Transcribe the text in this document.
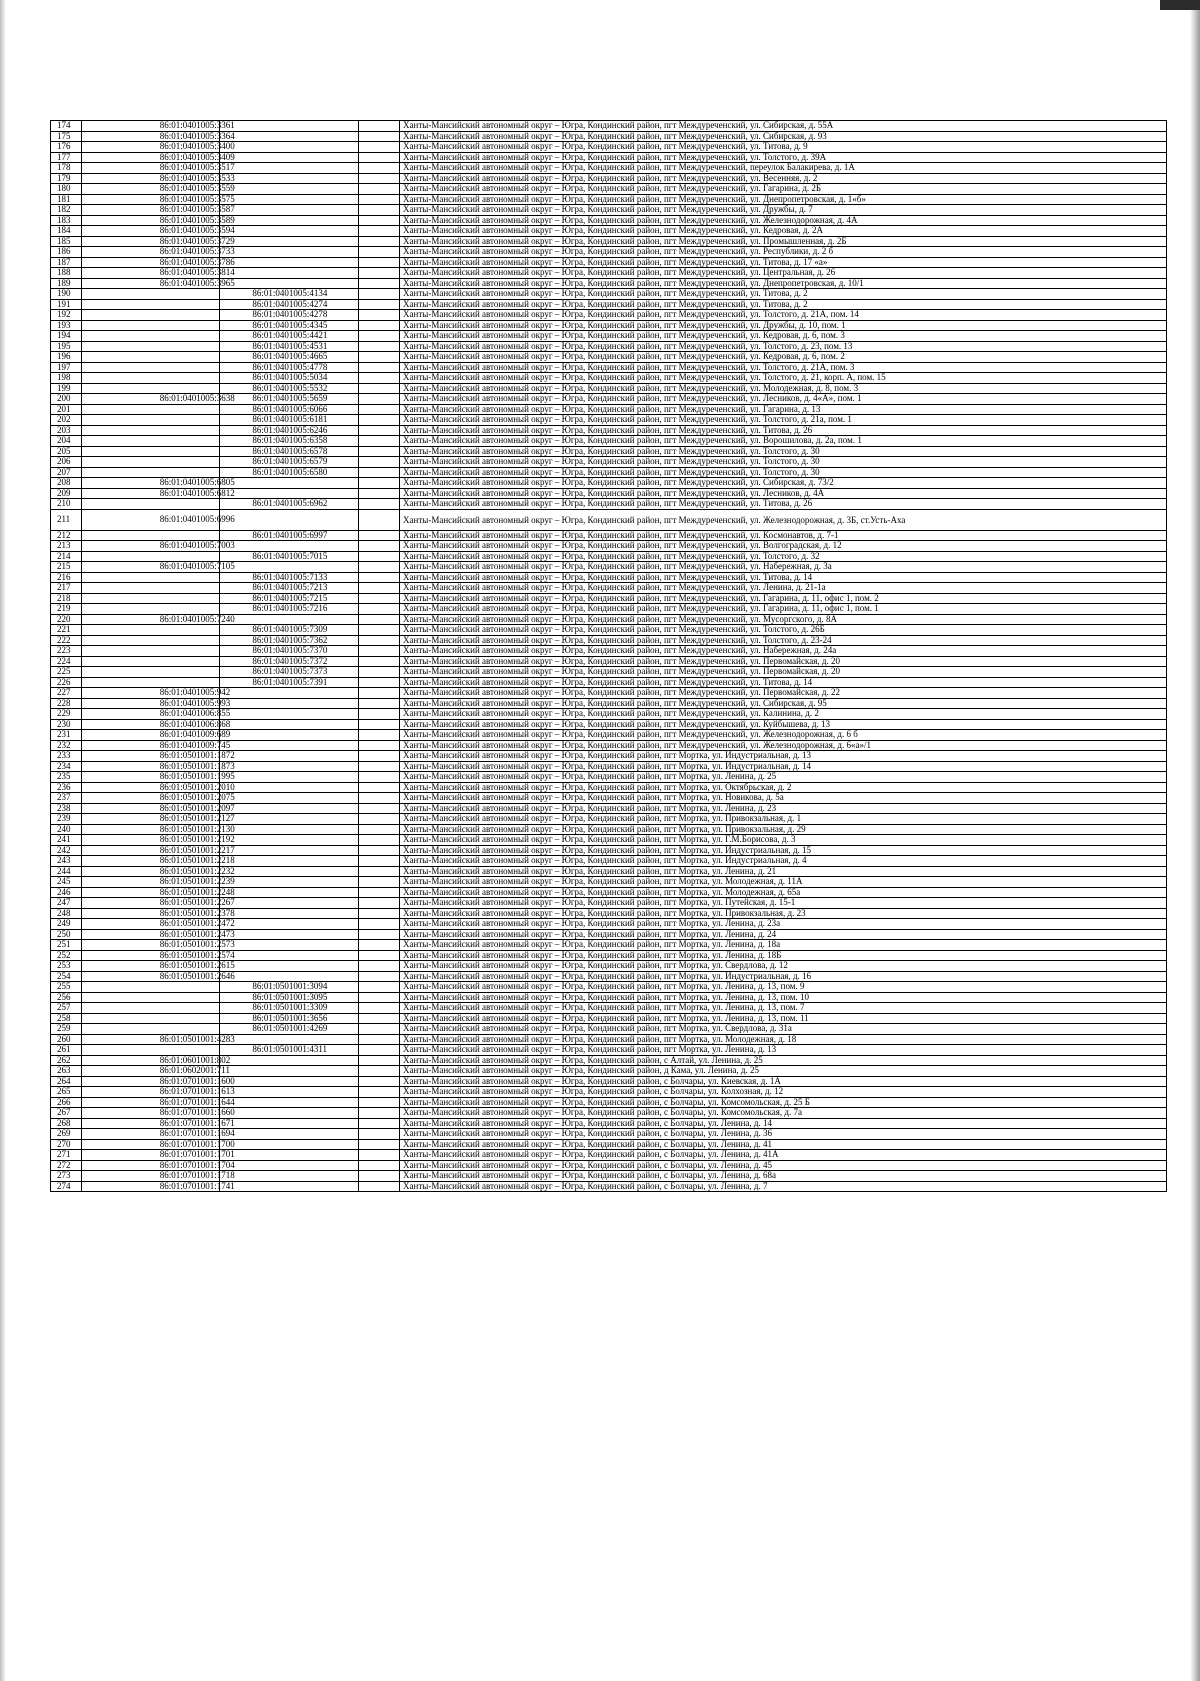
174	86:01:0401005:3361			Ханты-Мансийский автономный округ – Югра, Кондинский район, пгт Междуреченский, ул. Сибирская, д. 55А
175	86:01:0401005:3364			Ханты-Мансийский автономный округ – Югра, Кондинский район, пгт Междуреченский, ул. Сибирская, д. 93
176	86:01:0401005:3400			Ханты-Мансийский автономный округ – Югра, Кондинский район, пгт Междуреченский, ул. Титова, д. 9
177	86:01:0401005:3409			Ханты-Мансийский автономный округ – Югра, Кондинский район, пгт Междуреченский, ул. Толстого, д. 39А
178	86:01:0401005:3517			Ханты-Мансийский автономный округ – Югра, Кондинский район, пгт Междуреченский, переулок Балакирева, д. 1А
179	86:01:0401005:3533			Ханты-Мансийский автономный округ – Югра, Кондинский район, пгт Междуреченский, ул. Весенняя, д. 2
180	86:01:0401005:3559			Ханты-Мансийский автономный округ – Югра, Кондинский район, пгт Междуреченский, ул. Гагарина, д. 2Б
181	86:01:0401005:3575			Ханты-Мансийский автономный округ – Югра, Кондинский район, пгт Междуреченский, ул. Днепропетровская, д. 1«б»
182	86:01:0401005:3587			Ханты-Мансийский автономный округ – Югра, Кондинский район, пгт Междуреченский, ул. Дружбы, д. 7
183	86:01:0401005:3589			Ханты-Мансийский автономный округ – Югра, Кондинский район, пгт Междуреченский, ул. Железнодорожная, д. 4А
184	86:01:0401005:3594			Ханты-Мансийский автономный округ – Югра, Кондинский район, пгт Междуреченский, ул. Кедровая, д. 2А
185	86:01:0401005:3729			Ханты-Мансийский автономный округ – Югра, Кондинский район, пгт Междуреченский, ул. Промышленная, д. 2Б
186	86:01:0401005:3733			Ханты-Мансийский автономный округ – Югра, Кондинский район, пгт Междуреченский, ул. Республики, д. 2 б
187	86:01:0401005:3786			Ханты-Мансийский автономный округ – Югра, Кондинский район, пгт Междуреченский, ул. Титова, д. 17 «а»
188	86:01:0401005:3814			Ханты-Мансийский автономный округ – Югра, Кондинский район, пгт Междуреченский, ул. Центральная, д. 26
189	86:01:0401005:3965			Ханты-Мансийский автономный округ – Югра, Кондинский район, пгт Междуреченский, ул. Днепропетровская, д. 10/1
190		86:01:0401005:4134		Ханты-Мансийский автономный округ – Югра, Кондинский район, пгт Междуреченский, ул. Титова, д. 2
191		86:01:0401005:4274		Ханты-Мансийский автономный округ – Югра, Кондинский район, пгт Междуреченский, ул. Титова, д. 2
192		86:01:0401005:4278		Ханты-Мансийский автономный округ – Югра, Кондинский район, пгт Междуреченский, ул. Толстого, д. 21А, пом. 14
193		86:01:0401005:4345		Ханты-Мансийский автономный округ – Югра, Кондинский район, пгт Междуреченский, ул. Дружбы, д. 10, пом. 1
194		86:01:0401005:4421		Ханты-Мансийский автономный округ – Югра, Кондинский район, пгт Междуреченский, ул. Кедровая, д. 6, пом. 3
195		86:01:0401005:4531		Ханты-Мансийский автономный округ – Югра, Кондинский район, пгт Междуреченский, ул. Толстого, д. 23, пом. 13
196		86:01:0401005:4665		Ханты-Мансийский автономный округ – Югра, Кондинский район, пгт Междуреченский, ул. Кедровая, д. 6, пом. 2
197		86:01:0401005:4778		Ханты-Мансийский автономный округ – Югра, Кондинский район, пгт Междуреченский, ул. Толстого, д. 21А, пом. 3
198		86:01:0401005:5034		Ханты-Мансийский автономный округ – Югра, Кондинский район, пгт Междуреченский, ул. Толстого, д. 21, корп. А, пом. 15
199		86:01:0401005:5532		Ханты-Мансийский автономный округ – Югра, Кондинский район, пгт Междуреченский, ул. Молодежная, д. 8, пом. 3
200	86:01:0401005:3638	86:01:0401005:5659		Ханты-Мансийский автономный округ – Югра, Кондинский район, пгт Междуреченский, ул. Лесников, д. 4«А», пом. 1
201		86:01:0401005:6066		Ханты-Мансийский автономный округ – Югра, Кондинский район, пгт Междуреченский, ул. Гагарина, д. 13
202		86:01:0401005:6181		Ханты-Мансийский автономный округ – Югра, Кондинский район, пгт Междуреченский, ул. Толстого, д. 21а, пом. 1
203		86:01:0401005:6246		Ханты-Мансийский автономный округ – Югра, Кондинский район, пгт Междуреченский, ул. Титова, д. 26
204		86:01:0401005:6358		Ханты-Мансийский автономный округ – Югра, Кондинский район, пгт Междуреченский, ул. Ворошилова, д. 2а, пом. 1
205		86:01:0401005:6578		Ханты-Мансийский автономный округ – Югра, Кондинский район, пгт Междуреченский, ул. Толстого, д. 30
206		86:01:0401005:6579		Ханты-Мансийский автономный округ – Югра, Кондинский район, пгт Междуреченский, ул. Толстого, д. 30
207		86:01:0401005:6580		Ханты-Мансийский автономный округ – Югра, Кондинский район, пгт Междуреченский, ул. Толстого, д. 30
208	86:01:0401005:6805			Ханты-Мансийский автономный округ – Югра, Кондинский район, пгт Междуреченский, ул. Сибирская, д. 73/2
209	86:01:0401005:6812			Ханты-Мансийский автономный округ – Югра, Кондинский район, пгт Междуреченский, ул. Лесников, д. 4А
210		86:01:0401005:6962		Ханты-Мансийский автономный округ – Югра, Кондинский район, пгт Междуреченский, ул. Титова, д. 26
211	86:01:0401005:6996			Ханты-Мансийский автономный округ – Югра, Кондинский район, пгт Междуреченский, ул. Железнодорожная, д. 3Б, ст.Усть-Аха
212		86:01:0401005:6997		Ханты-Мансийский автономный округ – Югра, Кондинский район, пгт Междуреченский, ул. Космонавтов, д. 7-1
213	86:01:0401005:7003			Ханты-Мансийский автономный округ – Югра, Кондинский район, пгт Междуреченский, ул. Волгоградская, д. 12
214		86:01:0401005:7015		Ханты-Мансийский автономный округ – Югра, Кондинский район, пгт Междуреченский, ул. Толстого, д. 32
215	86:01:0401005:7105			Ханты-Мансийский автономный округ – Югра, Кондинский район, пгт Междуреченский, ул. Набережная, д. 3а
216		86:01:0401005:7133		Ханты-Мансийский автономный округ – Югра, Кондинский район, пгт Междуреченский, ул. Титова, д. 14
217		86:01:0401005:7213		Ханты-Мансийский автономный округ – Югра, Кондинский район, пгт Междуреченский, ул. Ленина, д. 21-1а
218		86:01:0401005:7215		Ханты-Мансийский автономный округ – Югра, Кондинский район, пгт Междуреченский, ул. Гагарина, д. 11, офис 1, пом. 2
219		86:01:0401005:7216		Ханты-Мансийский автономный округ – Югра, Кондинский район, пгт Междуреченский, ул. Гагарина, д. 11, офис 1, пом. 1
220	86:01:0401005:7240			Ханты-Мансийский автономный округ – Югра, Кондинский район, пгт Междуреченский, ул. Мусоргского, д. 8А
221		86:01:0401005:7309		Ханты-Мансийский автономный округ – Югра, Кондинский район, пгт Междуреченский, ул. Толстого, д. 26Б
222		86:01:0401005:7362		Ханты-Мансийский автономный округ – Югра, Кондинский район, пгт Междуреченский, ул. Толстого, д. 23-24
223		86:01:0401005:7370		Ханты-Мансийский автономный округ – Югра, Кондинский район, пгт Междуреченский, ул. Набережная, д. 24а
224		86:01:0401005:7372		Ханты-Мансийский автономный округ – Югра, Кондинский район, пгт Междуреченский, ул. Первомайская, д. 20
225		86:01:0401005:7373		Ханты-Мансийский автономный округ – Югра, Кондинский район, пгт Междуреченский, ул. Первомайская, д. 20
226		86:01:0401005:7391		Ханты-Мансийский автономный округ – Югра, Кондинский район, пгт Междуреченский, ул. Титова, д. 14
227	86:01:0401005:942			Ханты-Мансийский автономный округ – Югра, Кондинский район, пгт Междуреченский, ул. Первомайская, д. 22
228	86:01:0401005:993			Ханты-Мансийский автономный округ – Югра, Кондинский район, пгт Междуреченский, ул. Сибирская, д. 95
229	86:01:0401006:855			Ханты-Мансийский автономный округ – Югра, Кондинский район, пгт Междуреченский, ул. Калинина, д. 2
230	86:01:0401006:868			Ханты-Мансийский автономный округ – Югра, Кондинский район, пгт Междуреченский, ул. Куйбышева, д. 13
231	86:01:0401009:689			Ханты-Мансийский автономный округ – Югра, Кондинский район, пгт Междуреченский, ул. Железнодорожная, д. 6 б
232	86:01:0401009:745			Ханты-Мансийский автономный округ – Югра, Кондинский район, пгт Междуреченский, ул. Железнодорожная, д. 6«а»/1
233	86:01:0501001:1872			Ханты-Мансийский автономный округ – Югра, Кондинский район, пгт Мортка, ул. Индустриальная, д. 13
234	86:01:0501001:1873			Ханты-Мансийский автономный округ – Югра, Кондинский район, пгт Мортка, ул. Индустриальная, д. 14
235	86:01:0501001:1995			Ханты-Мансийский автономный округ – Югра, Кондинский район, пгт Мортка, ул. Ленина, д. 25
236	86:01:0501001:2010			Ханты-Мансийский автономный округ – Югра, Кондинский район, пгт Мортка, ул. Октябрьская, д. 2
237	86:01:0501001:2075			Ханты-Мансийский автономный округ – Югра, Кондинский район, пгт Мортка, ул. Новикова, д. 5а
238	86:01:0501001:2097			Ханты-Мансийский автономный округ – Югра, Кондинский район, пгт Мортка, ул. Ленина, д. 23
239	86:01:0501001:2127			Ханты-Мансийский автономный округ – Югра, Кондинский район, пгт Мортка, ул. Привокзальная, д. 1
240	86:01:0501001:2130			Ханты-Мансийский автономный округ – Югра, Кондинский район, пгт Мортка, ул. Привокзальная, д. 29
241	86:01:0501001:2192			Ханты-Мансийский автономный округ – Югра, Кондинский район, пгт Мортка, ул. Г.М.Борисова, д. 3
242	86:01:0501001:2217			Ханты-Мансийский автономный округ – Югра, Кондинский район, пгт Мортка, ул. Индустриальная, д. 15
243	86:01:0501001:2218			Ханты-Мансийский автономный округ – Югра, Кондинский район, пгт Мортка, ул. Индустриальная, д. 4
244	86:01:0501001:2232			Ханты-Мансийский автономный округ – Югра, Кондинский район, пгт Мортка, ул. Ленина, д. 21
245	86:01:0501001:2239			Ханты-Мансийский автономный округ – Югра, Кондинский район, пгт Мортка, ул. Молодежная, д. 11А
246	86:01:0501001:2248			Ханты-Мансийский автономный округ – Югра, Кондинский район, пгт Мортка, ул. Молодежная, д. 65а
247	86:01:0501001:2267			Ханты-Мансийский автономный округ – Югра, Кондинский район, пгт Мортка, ул. Путейская, д. 15-1
248	86:01:0501001:2378			Ханты-Мансийский автономный округ – Югра, Кондинский район, пгт Мортка, ул. Привокзальная, д. 23
249	86:01:0501001:2472			Ханты-Мансийский автономный округ – Югра, Кондинский район, пгт Мортка, ул. Ленина, д. 23а
250	86:01:0501001:2473			Ханты-Мансийский автономный округ – Югра, Кондинский район, пгт Мортка, ул. Ленина, д. 24
251	86:01:0501001:2573			Ханты-Мансийский автономный округ – Югра, Кондинский район, пгт Мортка, ул. Ленина, д. 18а
252	86:01:0501001:2574			Ханты-Мансийский автономный округ – Югра, Кондинский район, пгт Мортка, ул. Ленина, д. 18Б
253	86:01:0501001:2615			Ханты-Мансийский автономный округ – Югра, Кондинский район, пгт Мортка, ул. Свердлова, д. 12
254	86:01:0501001:2646			Ханты-Мансийский автономный округ – Югра, Кондинский район, пгт Мортка, ул. Индустриальная, д. 16
255		86:01:0501001:3094		Ханты-Мансийский автономный округ – Югра, Кондинский район, пгт Мортка, ул. Ленина, д. 13, пом. 9
256		86:01:0501001:3095		Ханты-Мансийский автономный округ – Югра, Кондинский район, пгт Мортка, ул. Ленина, д. 13, пом. 10
257		86:01:0501001:3309		Ханты-Мансийский автономный округ – Югра, Кондинский район, пгт Мортка, ул. Ленина, д. 13, пом. 7
258		86:01:0501001:3656		Ханты-Мансийский автономный округ – Югра, Кондинский район, пгт Мортка, ул. Ленина, д. 13, пом. 11
259		86:01:0501001:4269		Ханты-Мансийский автономный округ – Югра, Кондинский район, пгт Мортка, ул. Свердлова, д. 31а
260	86:01:0501001:4283			Ханты-Мансийский автономный округ – Югра, Кондинский район, пгт Мортка, ул. Молодежная, д. 18
261		86:01:0501001:4311		Ханты-Мансийский автономный округ – Югра, Кондинский район, пгт Мортка, ул. Ленина, д. 13
262	86:01:0601001:802			Ханты-Мансийский автономный округ – Югра, Кондинский район, с Алтай, ул. Ленина, д. 25
263	86:01:0602001:711			Ханты-Мансийский автономный округ – Югра, Кондинский район, д Кама, ул. Ленина, д. 25
264	86:01:0701001:1600			Ханты-Мансийский автономный округ – Югра, Кондинский район, с Болчары, ул. Киевская, д. 1А
265	86:01:0701001:1613			Ханты-Мансийский автономный округ – Югра, Кондинский район, с Болчары, ул. Колхозная, д. 12
266	86:01:0701001:1644			Ханты-Мансийский автономный округ – Югра, Кондинский район, с Болчары, ул. Комсомольская, д. 25 Б
267	86:01:0701001:1660			Ханты-Мансийский автономный округ – Югра, Кондинский район, с Болчары, ул. Комсомольская, д. 7а
268	86:01:0701001:1671			Ханты-Мансийский автономный округ – Югра, Кондинский район, с Болчары, ул. Ленина, д. 14
269	86:01:0701001:1694			Ханты-Мансийский автономный округ – Югра, Кондинский район, с Болчары, ул. Ленина, д. 36
270	86:01:0701001:1700			Ханты-Мансийский автономный округ – Югра, Кондинский район, с Болчары, ул. Ленина, д. 41
271	86:01:0701001:1701			Ханты-Мансийский автономный округ – Югра, Кондинский район, с Болчары, ул. Ленина, д. 41А
272	86:01:0701001:1704			Ханты-Мансийский автономный округ – Югра, Кондинский район, с Болчары, ул. Ленина, д. 45
273	86:01:0701001:1718			Ханты-Мансийский автономный округ – Югра, Кондинский район, с Болчары, ул. Ленина, д. 68а
274	86:01:0701001:1741			Ханты-Мансийский автономный округ – Югра, Кондинский район, с Болчары, ул. Ленина, д. 7
